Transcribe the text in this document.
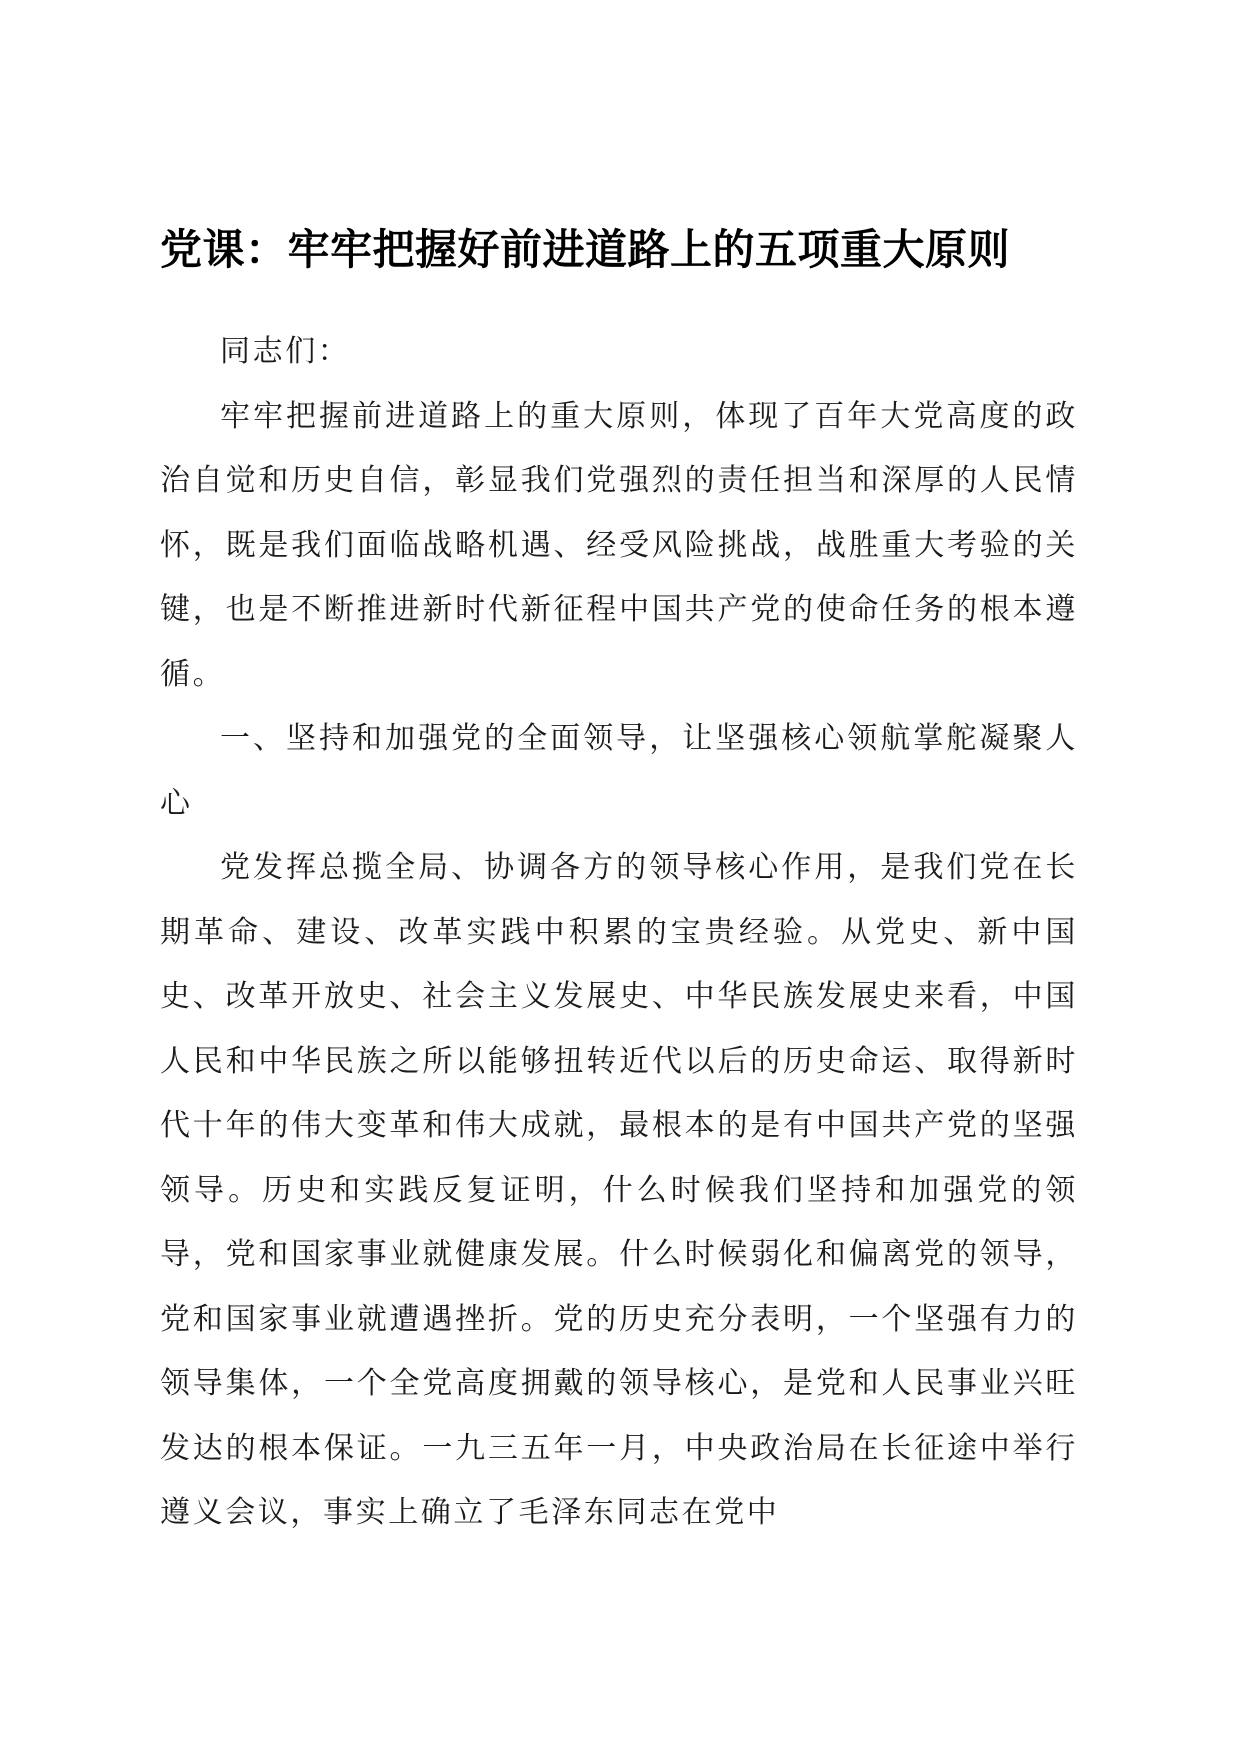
党课：牢牢把握好前进道路上的五项重大原则

同志们：

牢牢把握前进道路上的重大原则，体现了百年大党高度的政治自觉和历史自信，彰显我们党强烈的责任担当和深厚的人民情怀，既是我们面临战略机遇、经受风险挑战，战胜重大考验的关键，也是不断推进新时代新征程中国共产党的使命任务的根本遵循。

一、坚持和加强党的全面领导，让坚强核心领航掌舵凝聚人心

党发挥总揽全局、协调各方的领导核心作用，是我们党在长期革命、建设、改革实践中积累的宝贵经验。从党史、新中国史、改革开放史、社会主义发展史、中华民族发展史来看，中国人民和中华民族之所以能够扭转近代以后的历史命运、取得新时代十年的伟大变革和伟大成就，最根本的是有中国共产党的坚强领导。历史和实践反复证明，什么时候我们坚持和加强党的领导，党和国家事业就健康发展。什么时候弱化和偏离党的领导，党和国家事业就遭遇挫折。党的历史充分表明，一个坚强有力的领导集体，一个全党高度拥戴的领导核心，是党和人民事业兴旺发达的根本保证。一九三五年一月，中央政治局在长征途中举行遵义会议，事实上确立了毛泽东同志在党中
